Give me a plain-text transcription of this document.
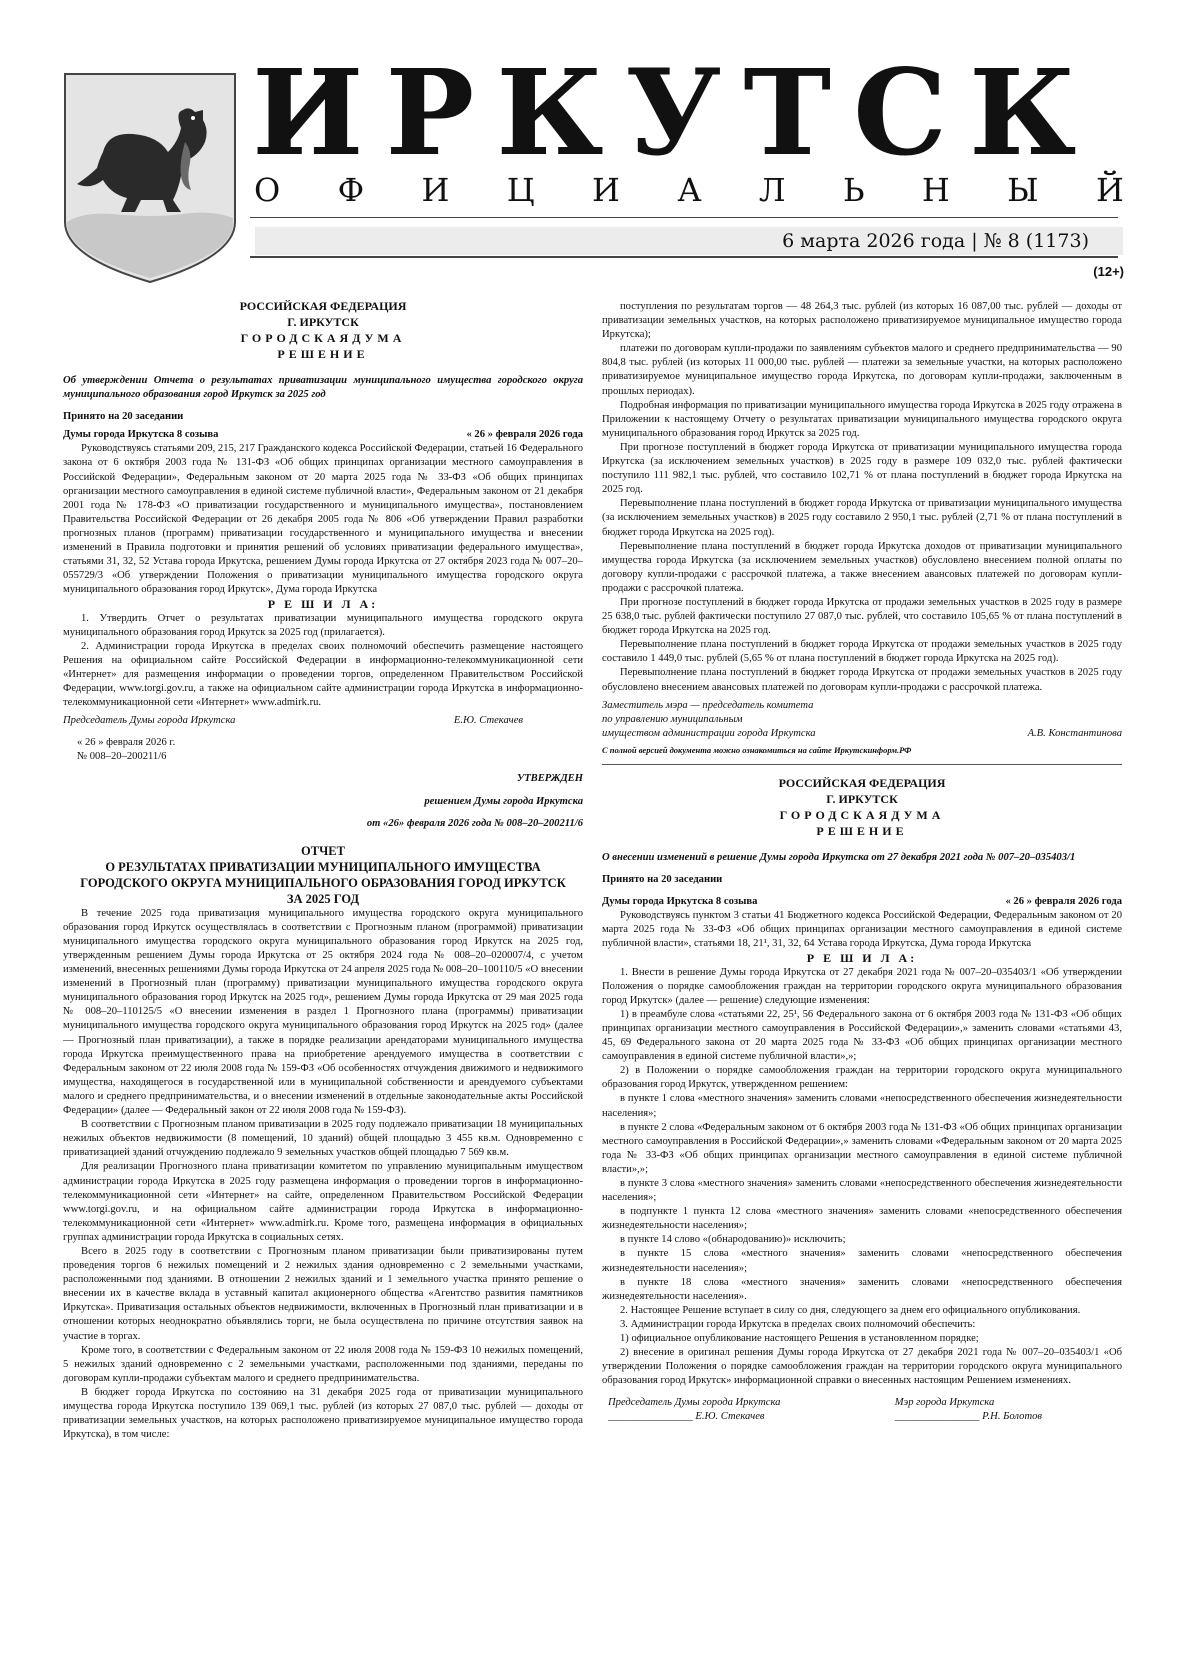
ИРКУТСК
О Ф И Ц И А Л Ь Н Ы Й
6 марта 2026 года | № 8 (1173)
(12+)

РОССИЙСКАЯ ФЕДЕРАЦИЯ

Г. ИРКУТСК

ГОРОДСКАЯДУМА

РЕШЕНИЕ

Об утверждении Отчета о результатах приватизации муниципального имущества городского округа муниципального образования город Иркутск за 2025 год

Принято на 20 заседании

Думы города Иркутска 8 созыва	« 26 » февраля 2026 года

Руководствуясь статьями 209, 215, 217 Гражданского кодекса Российской Федерации, статьей 16 Федерального закона от 6 октября 2003 года № 131-ФЗ «Об общих принципах организации местного самоуправления в Российской Федерации», Федеральным законом от 20 марта 2025 года № 33-ФЗ «Об общих принципах организации местного самоуправления в единой системе публичной власти», Федеральным законом от 21 декабря 2001 года № 178-ФЗ «О приватизации государственного и муниципального имущества», постановлением Правительства Российской Федерации от 26 декабря 2005 года № 806 «Об утверждении Правил разработки прогнозных планов (программ) приватизации государственного и муниципального имущества и внесении изменений в Правила подготовки и принятия решений об условиях приватизации федерального имущества», статьями 31, 32, 52 Устава города Иркутска, решением Думы города Иркутска от 27 октября 2023 года № 007–20–055729/3 «Об утверждении Положения о приватизации муниципального имущества городского округа муниципального образования город Иркутск», Дума города Иркутска

Р Е Ш И Л А:

1. Утвердить Отчет о результатах приватизации муниципального имущества городского округа муниципального образования город Иркутск за 2025 год (прилагается).

2. Администрации города Иркутска в пределах своих полномочий обеспечить размещение настоящего Решения на официальном сайте Российской Федерации в информационно-телекоммуникационной сети «Интернет» для размещения информации о проведении торгов, определенном Правительством Российской Федерации, www.torgi.gov.ru, а также на официальном сайте администрации города Иркутска в информационно-телекоммуникационной сети «Интернет» www.admirk.ru.

Председатель Думы города Иркутска	Е.Ю. Стекачев

« 26 » февраля 2026 г.

№ 008–20–200211/6

УТВЕРЖДЕН

решением Думы города Иркутска

от «26» февраля 2026 года № 008–20–200211/6

ОТЧЕТ

О РЕЗУЛЬТАТАХ ПРИВАТИЗАЦИИ МУНИЦИПАЛЬНОГО ИМУЩЕСТВА

ГОРОДСКОГО ОКРУГА МУНИЦИПАЛЬНОГО ОБРАЗОВАНИЯ ГОРОД ИРКУТСК

ЗА 2025 ГОД

В течение 2025 года приватизация муниципального имущества городского округа муниципального образования город Иркутск осуществлялась в соответствии с Прогнозным планом (программой) приватизации муниципального имущества городского округа муниципального образования город Иркутск на 2025 год, утвержденным решением Думы города Иркутска от 25 октября 2024 года № 008–20–020007/4, с учетом изменений, внесенных решениями Думы города Иркутска от 24 апреля 2025 года № 008–20–100110/5 «О внесении изменений в Прогнозный план (программу) приватизации муниципального имущества городского округа муниципального образования город Иркутск на 2025 год», решением Думы города Иркутска от 29 мая 2025 года № 008–20–110125/5 «О внесении изменения в раздел 1 Прогнозного плана (программы) приватизации муниципального имущества городского округа муниципального образования город Иркутск на 2025 год» (далее — Прогнозный план приватизации), а также в порядке реализации арендаторами муниципального имущества города Иркутска преимущественного права на приобретение арендуемого имущества в соответствии с Федеральным законом от 22 июля 2008 года № 159-ФЗ «Об особенностях отчуждения движимого и недвижимого имущества, находящегося в государственной или в муниципальной собственности и арендуемого субъектами малого и среднего предпринимательства, и о внесении изменений в отдельные законодательные акты Российской Федерации» (далее — Федеральный закон от 22 июля 2008 года № 159-ФЗ).

В соответствии с Прогнозным планом приватизации в 2025 году подлежало приватизации 18 муниципальных нежилых объектов недвижимости (8 помещений, 10 зданий) общей площадью 3 455 кв.м. Одновременно с приватизацией зданий отчуждению подлежало 9 земельных участков общей площадью 7 569 кв.м.

Для реализации Прогнозного плана приватизации комитетом по управлению муниципальным имуществом администрации города Иркутска в 2025 году размещена информация о проведении торгов в информационно-телекоммуникационной сети «Интернет» на сайте, определенном Правительством Российской Федерации www.torgi.gov.ru, и на официальном сайте администрации города Иркутска в информационно-телекоммуникационной сети «Интернет» www.admirk.ru. Кроме того, размещена информация в официальных группах администрации города Иркутска в социальных сетях.

Всего в 2025 году в соответствии с Прогнозным планом приватизации были приватизированы путем проведения торгов 6 нежилых помещений и 2 нежилых здания одновременно с 2 земельными участками, расположенными под зданиями. В отношении 2 нежилых зданий и 1 земельного участка принято решение о внесении их в качестве вклада в уставный капитал акционерного общества «Агентство развития памятников Иркутска». Приватизация остальных объектов недвижимости, включенных в Прогнозный план приватизации и в отношении которых неоднократно объявлялись торги, не была осуществлена по причине отсутствия заявок на участие в торгах.

Кроме того, в соответствии с Федеральным законом от 22 июля 2008 года № 159-ФЗ 10 нежилых помещений, 5 нежилых зданий одновременно с 2 земельными участками, расположенными под зданиями, переданы по договорам купли-продажи субъектам малого и среднего предпринимательства.

В бюджет города Иркутска по состоянию на 31 декабря 2025 года от приватизации муниципального имущества города Иркутска поступило 139 069,1 тыс. рублей (из которых 27 087,0 тыс. рублей — доходы от приватизации земельных участков, на которых расположено приватизируемое муниципальное имущество города Иркутска), в том числе:

поступления по результатам торгов — 48 264,3 тыс. рублей (из которых 16 087,00 тыс. рублей — доходы от приватизации земельных участков, на которых расположено приватизируемое муниципальное имущество города Иркутска);

платежи по договорам купли-продажи по заявлениям субъектов малого и среднего предпринимательства — 90 804,8 тыс. рублей (из которых 11 000,00 тыс. рублей — платежи за земельные участки, на которых расположено приватизируемое муниципальное имущество города Иркутска, по договорам купли-продажи, заключенным в прошлых периодах).

Подробная информация по приватизации муниципального имущества города Иркутска в 2025 году отражена в Приложении к настоящему Отчету о результатах приватизации муниципального имущества городского округа муниципального образования город Иркутск за 2025 год.

При прогнозе поступлений в бюджет города Иркутска от приватизации муниципального имущества города Иркутска (за исключением земельных участков) в 2025 году в размере 109 032,0 тыс. рублей фактически поступило 111 982,1 тыс. рублей, что составило 102,71 % от плана поступлений в бюджет города Иркутска на 2025 год.

Перевыполнение плана поступлений в бюджет города Иркутска от приватизации муниципального имущества (за исключением земельных участков) в 2025 году составило 2 950,1 тыс. рублей (2,71 % от плана поступлений в бюджет города Иркутска на 2025 год).

Перевыполнение плана поступлений в бюджет города Иркутска доходов от приватизации муниципального имущества города Иркутска (за исключением земельных участков) обусловлено внесением полной оплаты по договору купли-продажи с рассрочкой платежа, а также внесением авансовых платежей по договорам купли-продажи с рассрочкой платежа.

При прогнозе поступлений в бюджет города Иркутска от продажи земельных участков в 2025 году в размере 25 638,0 тыс. рублей фактически поступило 27 087,0 тыс. рублей, что составило 105,65 % от плана поступлений в бюджет города Иркутска на 2025 год.

Перевыполнение плана поступлений в бюджет города Иркутска от продажи земельных участков в 2025 году составило 1 449,0 тыс. рублей (5,65 % от плана поступлений в бюджет города Иркутска на 2025 год).

Перевыполнение плана поступлений в бюджет города Иркутска от продажи земельных участков в 2025 году обусловлено внесением авансовых платежей по договорам купли-продажи с рассрочкой платежа.

Заместитель мэра — председатель комитета

по управлению муниципальным

имуществом администрации города Иркутска	А.В. Константинова

С полной версией документа можно ознакомиться на сайте Иркутскинформ.РФ

РОССИЙСКАЯ ФЕДЕРАЦИЯ

Г. ИРКУТСК

ГОРОДСКАЯДУМА

РЕШЕНИЕ

О внесении изменений в решение Думы города Иркутска от 27 декабря 2021 года № 007–20–035403/1

Принято на 20 заседании

Думы города Иркутска 8 созыва	« 26 » февраля 2026 года

Руководствуясь пунктом 3 статьи 41 Бюджетного кодекса Российской Федерации, Федеральным законом от 20 марта 2025 года № 33-ФЗ «Об общих принципах организации местного самоуправления в единой системе публичной власти», статьями 18, 21¹, 31, 32, 64 Устава города Иркутска, Дума города Иркутска

Р Е Ш И Л А:

1. Внести в решение Думы города Иркутска от 27 декабря 2021 года № 007–20–035403/1 «Об утверждении Положения о порядке самообложения граждан на территории городского округа муниципального образования город Иркутск» (далее — решение) следующие изменения:

1) в преамбуле слова «статьями 22, 25¹, 56 Федерального закона от 6 октября 2003 года № 131-ФЗ «Об общих принципах организации местного самоуправления в Российской Федерации»,» заменить словами «статьями 43, 45, 69 Федерального закона от 20 марта 2025 года № 33-ФЗ «Об общих принципах организации местного самоуправления в единой системе публичной власти»,»;

2) в Положении о порядке самообложения граждан на территории городского округа муниципального образования город Иркутск, утвержденном решением:

в пункте 1 слова «местного значения» заменить словами «непосредственного обеспечения жизнедеятельности населения»;

в пункте 2 слова «Федеральным законом от 6 октября 2003 года № 131-ФЗ «Об общих принципах организации местного самоуправления в Российской Федерации»,» заменить словами «Федеральным законом от 20 марта 2025 года № 33-ФЗ «Об общих принципах организации местного самоуправления в единой системе публичной власти»,»;

в пункте 3 слова «местного значения» заменить словами «непосредственного обеспечения жизнедеятельности населения»;

в подпункте 1 пункта 12 слова «местного значения» заменить словами «непосредственного обеспечения жизнедеятельности населения»;

в пункте 14 слово «(обнародованию)» исключить;

в пункте 15 слова «местного значения» заменить словами «непосредственного обеспечения жизнедеятельности населения»;

в пункте 18 слова «местного значения» заменить словами «непосредственного обеспечения жизнедеятельности населения».

2. Настоящее Решение вступает в силу со дня, следующего за днем его официального опубликования.

3. Администрации города Иркутска в пределах своих полномочий обеспечить:

1) официальное опубликование настоящего Решения в установленном порядке;

2) внесение в оригинал решения Думы города Иркутска от 27 декабря 2021 года № 007–20–035403/1 «Об утверждении Положения о порядке самообложения граждан на территории городского округа муниципального образования город Иркутск» информационной справки о внесенных настоящим Решением изменениях.

Председатель Думы города Иркутска
________________ Е.Ю. Стекачев
Мэр города Иркутска
________________ Р.Н. Болотов
